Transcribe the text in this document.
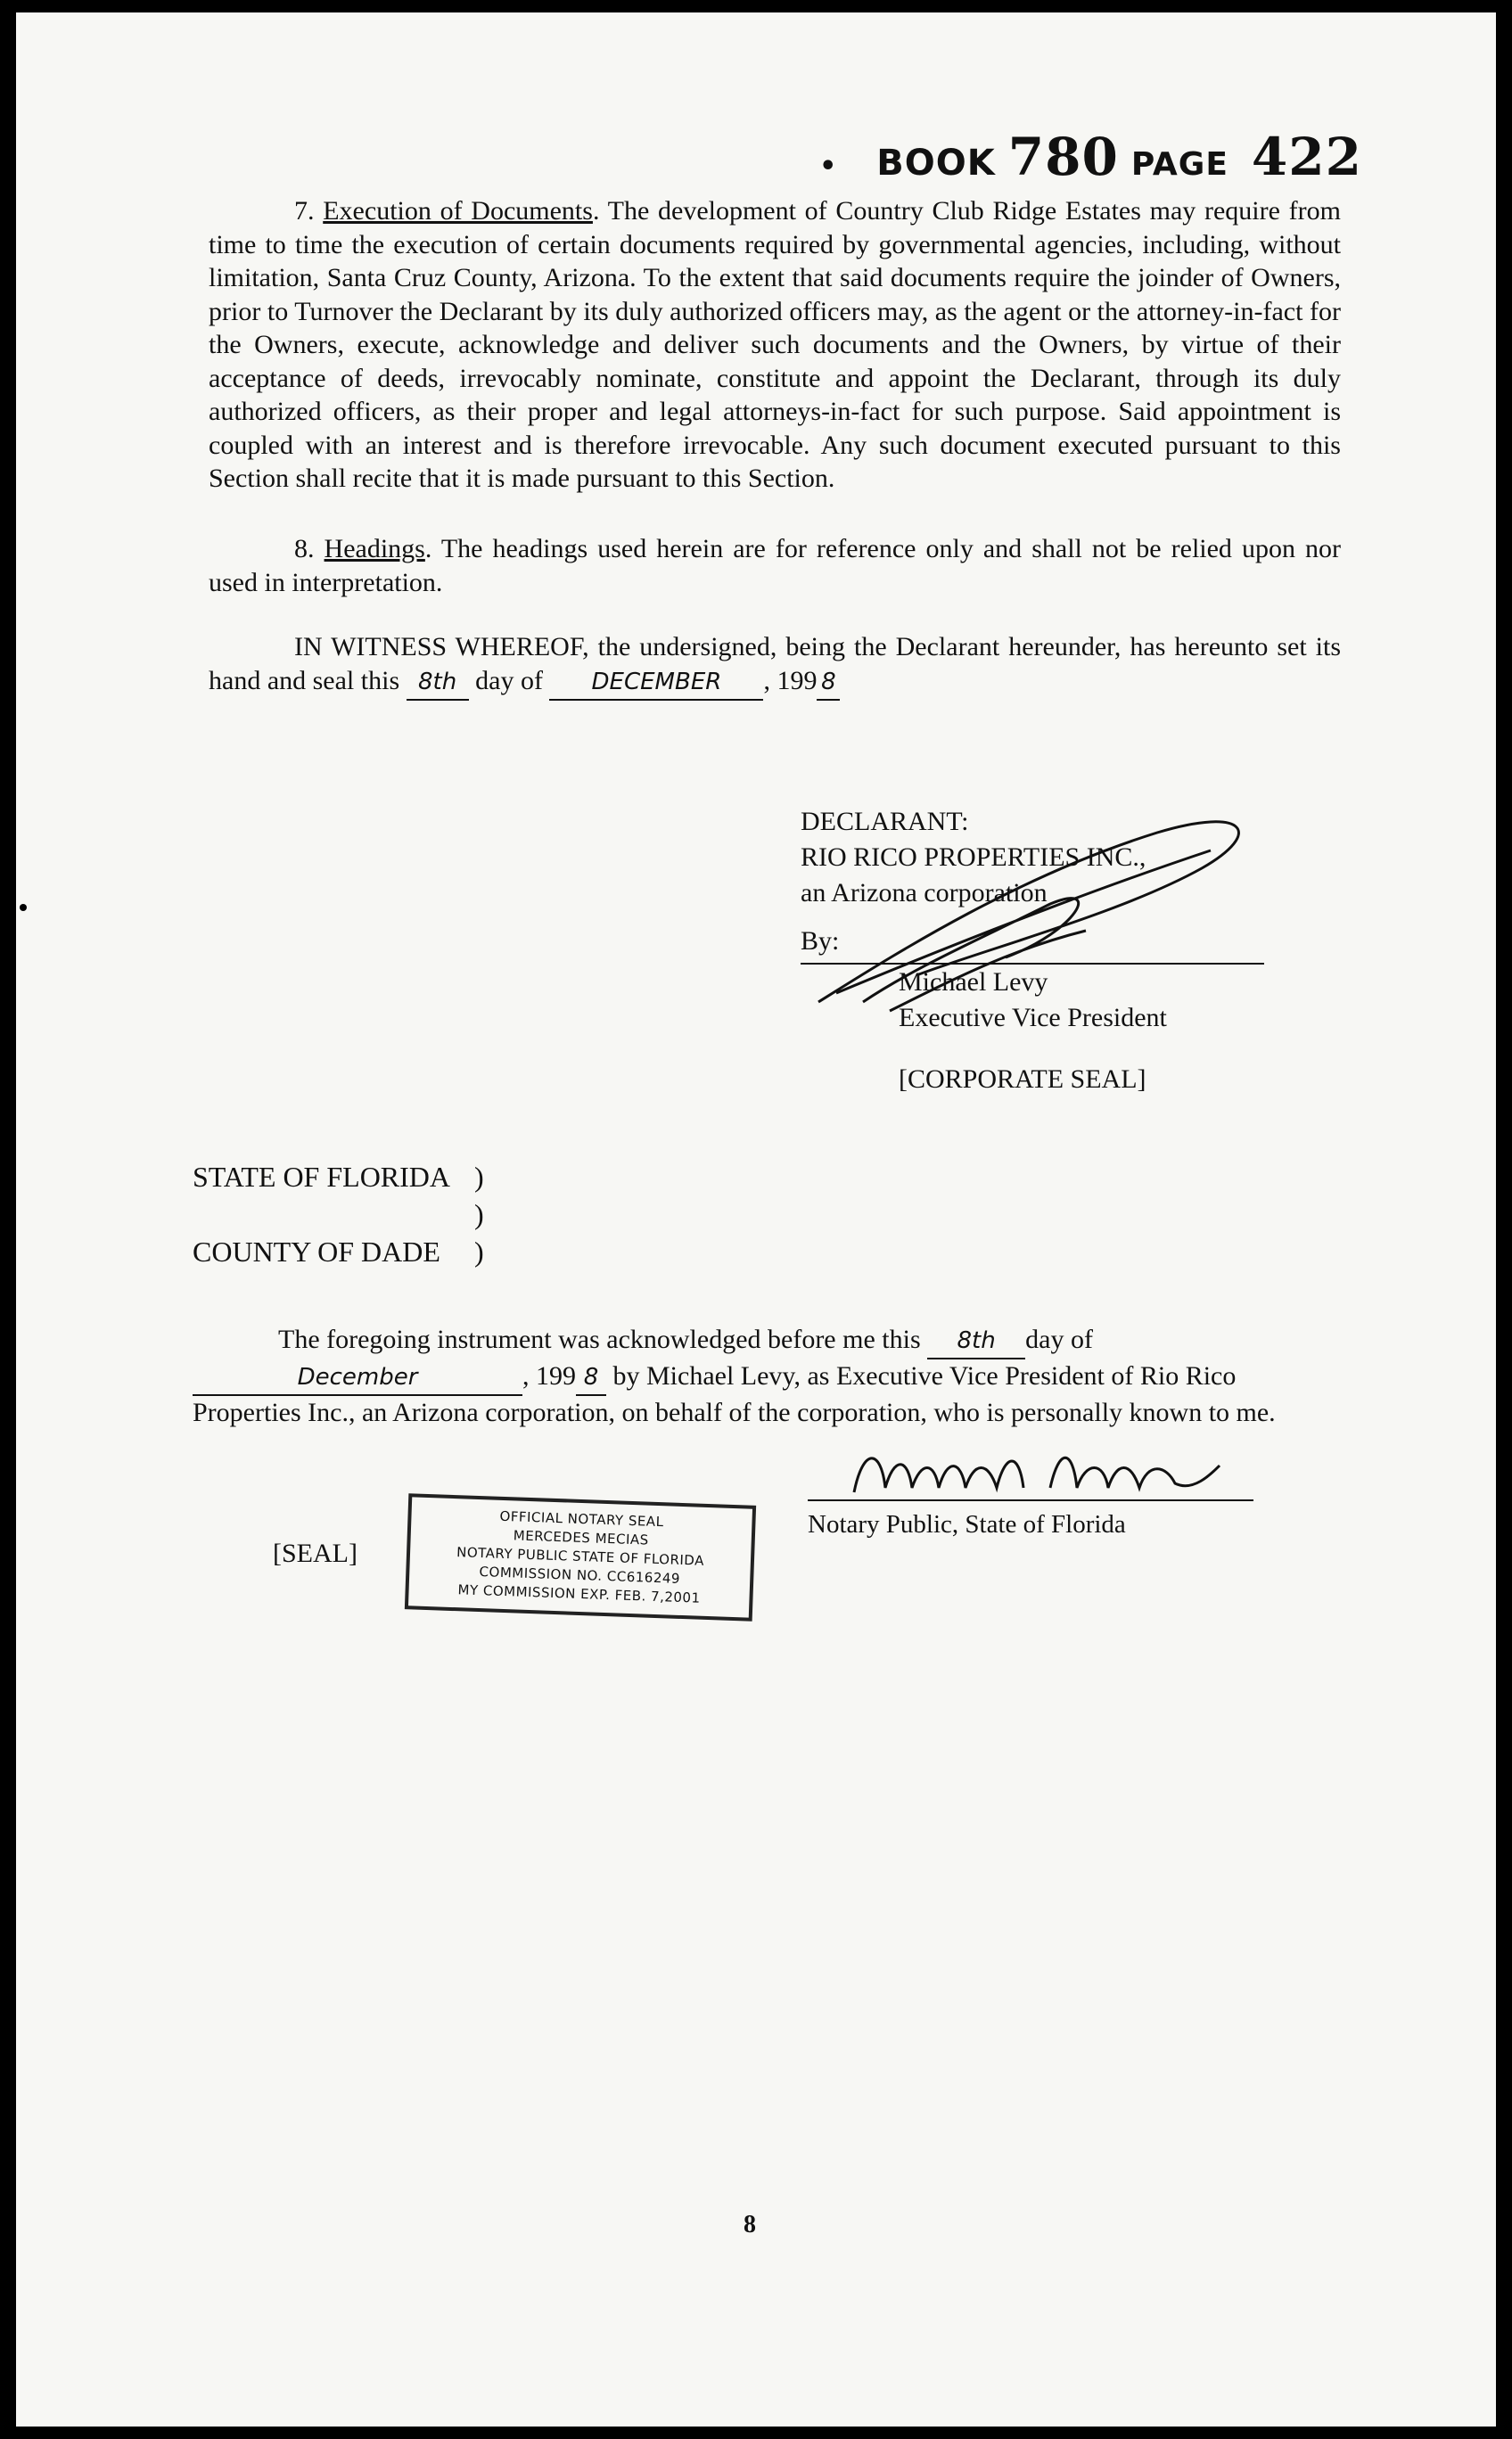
• BOOK 780 PAGE 422
7. Execution of Documents. The development of Country Club Ridge Estates may require from time to time the execution of certain documents required by governmental agencies, including, without limitation, Santa Cruz County, Arizona. To the extent that said documents require the joinder of Owners, prior to Turnover the Declarant by its duly authorized officers may, as the agent or the attorney-in-fact for the Owners, execute, acknowledge and deliver such documents and the Owners, by virtue of their acceptance of deeds, irrevocably nominate, constitute and appoint the Declarant, through its duly authorized officers, as their proper and legal attorneys-in-fact for such purpose. Said appointment is coupled with an interest and is therefore irrevocable. Any such document executed pursuant to this Section shall recite that it is made pursuant to this Section.
8. Headings. The headings used herein are for reference only and shall not be relied upon nor used in interpretation.
IN WITNESS WHEREOF, the undersigned, being the Declarant hereunder, has hereunto set its hand and seal this 8th day of DECEMBER , 199 8
DECLARANT:
RIO RICO PROPERTIES INC.,
an Arizona corporation
By:
Michael Levy
Executive Vice President
[CORPORATE SEAL]
STATE OF FLORIDA )
)
COUNTY OF DADE	)
The foregoing instrument was acknowledged before me this 8th day of December	, 199 8 by Michael Levy, as Executive Vice President of Rio Rico Properties Inc., an Arizona corporation, on behalf of the corporation, who is personally known to me.
Notary Public, State of Florida
[SEAL]
OFFICIAL NOTARY SEAL
MERCEDES MECIAS
NOTARY PUBLIC STATE OF FLORIDA
COMMISSION NO. CC616249
MY COMMISSION EXP. FEB. 7,2001
8
